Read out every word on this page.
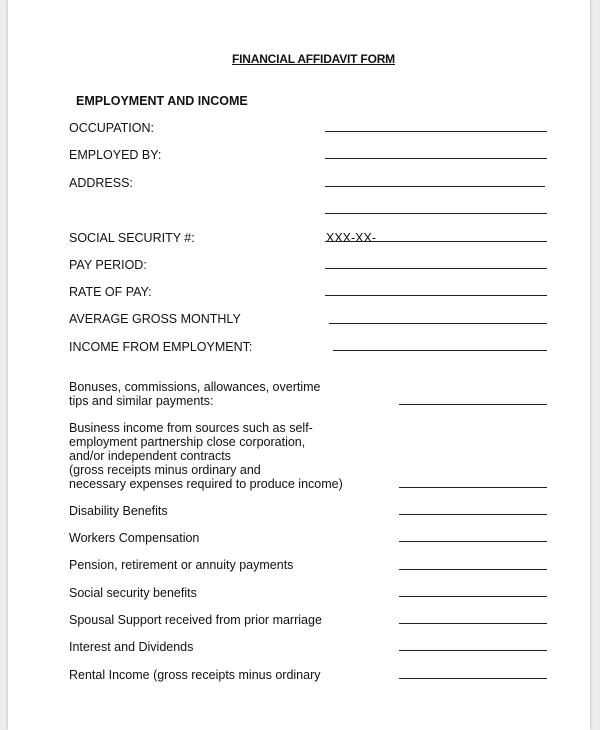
FINANCIAL AFFIDAVIT FORM
EMPLOYMENT AND INCOME
OCCUPATION:
EMPLOYED BY:
ADDRESS:
SOCIAL SECURITY #:	XXX-XX-
PAY PERIOD:
RATE OF PAY:
AVERAGE GROSS MONTHLY
INCOME FROM EMPLOYMENT:
Bonuses, commissions, allowances, overtime
tips and similar payments:
Business income from sources such as self-
employment partnership close corporation,
and/or independent contracts
(gross receipts minus ordinary and
necessary expenses required to produce income)
Disability Benefits
Workers Compensation
Pension, retirement or annuity payments
Social security benefits
Spousal Support received from prior marriage
Interest and Dividends
Rental Income (gross receipts minus ordinary
